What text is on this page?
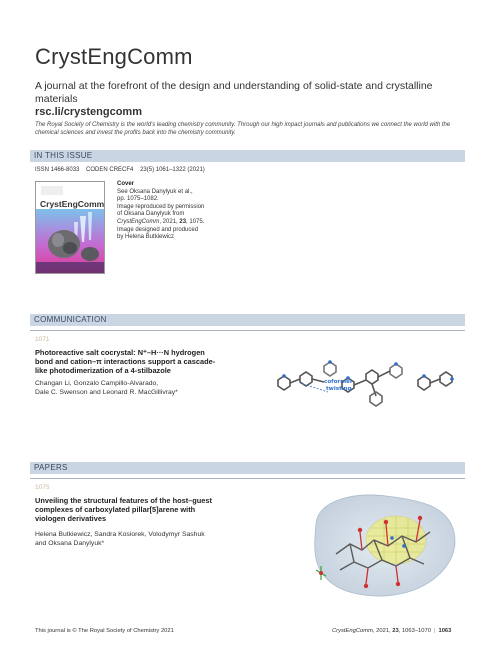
CrystEngComm
A journal at the forefront of the design and understanding of solid-state and crystalline materials
rsc.li/crystengcomm
The Royal Society of Chemistry is the world's leading chemistry community. Through our high impact journals and publications we connect the world with the chemical sciences and invest the profits back into the chemistry community.
IN THIS ISSUE
ISSN 1466-8033 CODEN CRECF4 23(5) 1061–1322 (2021)
CrystEngComm
Cover
See Oksana Danylyuk et al.,
pp. 1075–1082.
Image reproduced by permission
of Oksana Danylyuk from
CrystEngComm, 2021, 23, 1075.
Image designed and produced
by Helena Butkiewicz
COMMUNICATION
1071
Photoreactive salt cocrystal: N⁺–H···N hydrogen
bond and cation–π interactions support a cascade-
like photodimerization of a 4-stilbazole
Changan Li, Gonzalo Campillo-Alvarado,
Dale C. Swenson and Leonard R. MacGillivray*
coformer
twisting
PAPERS
1075
Unveiling the structural features of the host–guest
complexes of carboxylated pillar[5]arene with
viologen derivatives
Helena Butkiewicz, Sandra Kosiorek, Volodymyr Sashuk
and Oksana Danylyuk*
This journal is © The Royal Society of Chemistry 2021	CrystEngComm, 2021, 23, 1063–1070 | 1063
